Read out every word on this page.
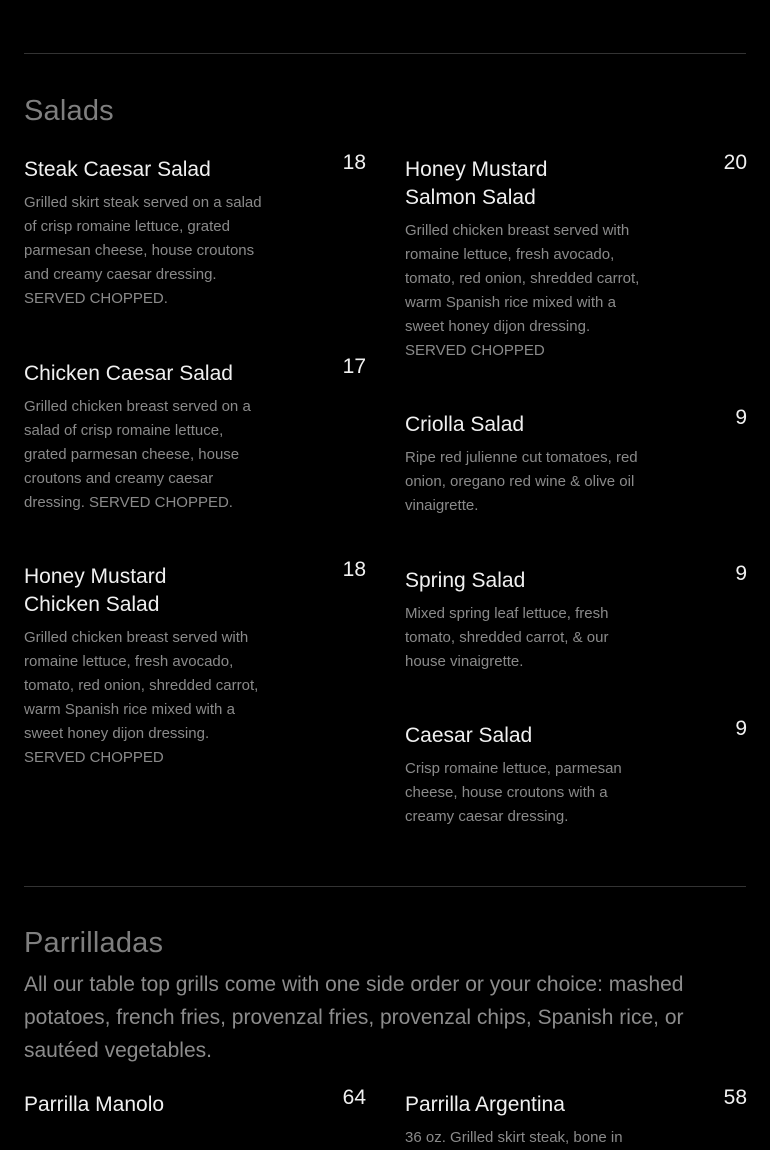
Salads
Steak Caesar Salad	18
Grilled skirt steak served on a salad of crisp romaine lettuce, grated parmesan cheese, house croutons and creamy caesar dressing. SERVED CHOPPED.
Chicken Caesar Salad	17
Grilled chicken breast served on a salad of crisp romaine lettuce, grated parmesan cheese, house croutons and creamy caesar dressing. SERVED CHOPPED.
Honey Mustard Chicken Salad
18
Grilled chicken breast served with romaine lettuce, fresh avocado, tomato, red onion, shredded carrot, warm Spanish rice mixed with a sweet honey dijon dressing.
SERVED CHOPPED
Honey Mustard Salmon Salad
20
Grilled chicken breast served with romaine lettuce, fresh avocado, tomato, red onion, shredded carrot, warm Spanish rice mixed with a sweet honey dijon dressing.
SERVED CHOPPED
Criolla Salad	9
Ripe red julienne cut tomatoes, red onion, oregano red wine & olive oil vinaigrette.
Spring Salad	9
Mixed spring leaf lettuce, fresh tomato, shredded carrot, & our house vinaigrette.
Caesar Salad	9
Crisp romaine lettuce, parmesan cheese, house croutons with a creamy caesar dressing.
Parrilladas

All our table top grills come with one side order or your choice: mashed potatoes, french fries, provenzal fries, provenzal chips, Spanish rice, or sautéed vegetables.

Parrilla Manolo	64 Parrilla Argentina	58
36 oz. Grilled skirt steak, bone in
